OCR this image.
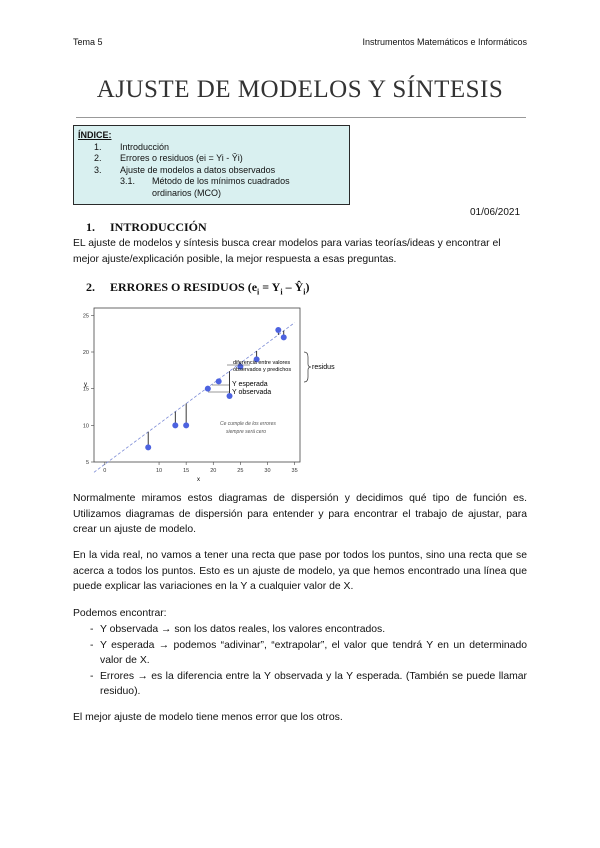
Tema 5	Instrumentos Matemáticos e Informáticos
AJUSTE DE MODELOS Y SÍNTESIS
ÍNDICE:
1. Introducción
2. Errores o residuos (ei = Yi - Ŷi)
3. Ajuste de modelos a datos observados
3.1. Método de los mínimos cuadrados
ordinarios (MCO)
01/06/2021
1. INTRODUCCIÓN
EL ajuste de modelos y síntesis busca crear modelos para varias teorías/ideas y encontrar el mejor ajuste/explicación posible, la mejor respuesta a esas preguntas.
2. ERRORES O RESIDUOS ($e_i = Y_i$ – $Ŷ_i$)
0	10	15	20	25	30	35
25
20
15
10
5
diferencia entre valores
observados y predichos
Y esperada
Y observada
residus
Ce cumple de los errores
siempre será cero
x
y
Normalmente miramos estos diagramas de dispersión y decidimos qué tipo de función es. Utilizamos diagramas de dispersión para entender y para encontrar el trabajo de ajustar, para crear un ajuste de modelo.
En la vida real, no vamos a tener una recta que pase por todos los puntos, sino una recta que se acerca a todos los puntos. Esto es un ajuste de modelo, ya que hemos encontrado una línea que puede explicar las variaciones en la Y a cualquier valor de X.
Podemos encontrar:
- Y observada → son los datos reales, los valores encontrados.
- Y esperada → podemos “adivinar”, “extrapolar”, el valor que tendrá Y en un determinado valor de X.
- Errores → es la diferencia entre la Y observada y la Y esperada. (También se puede llamar residuo).
El mejor ajuste de modelo tiene menos error que los otros.
